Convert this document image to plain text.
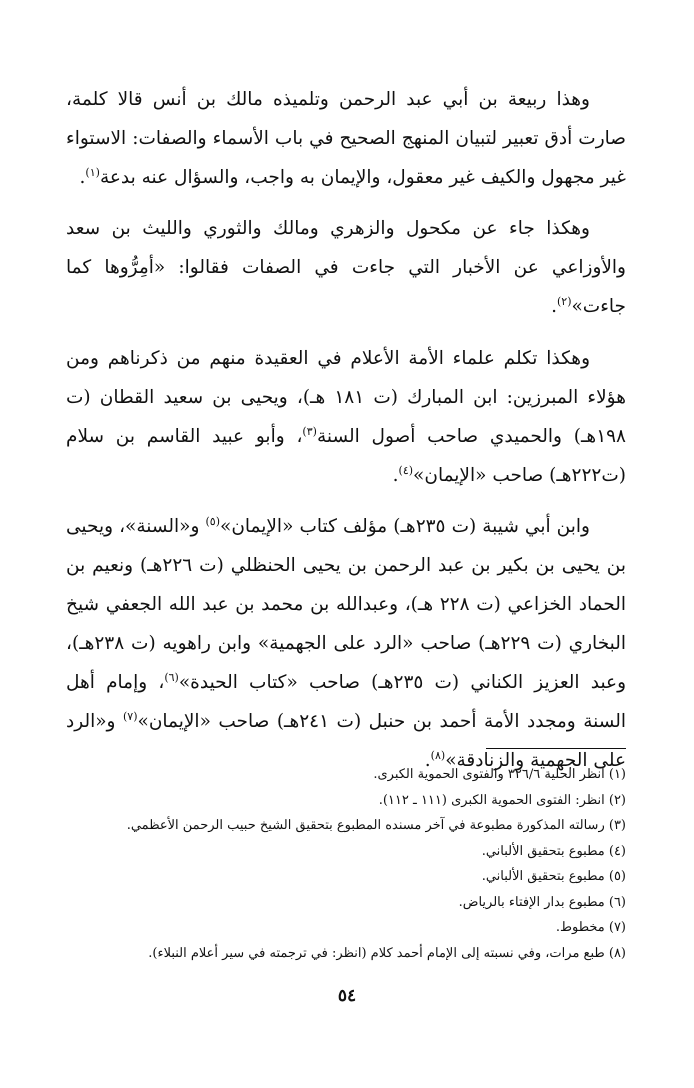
وهذا ربيعة بن أبي عبد الرحمن وتلميذه مالك بن أنس قالا كلمة، صارت أدق تعبير لتبيان المنهج الصحيح في باب الأسماء والصفات: الاستواء غير مجهول والكيف غير معقول، والإيمان به واجب، والسؤال عنه بدعة$^{(١)}$.

وهكذا جاء عن مكحول والزهري ومالك والثوري والليث بن سعد والأوزاعي عن الأخبار التي جاءت في الصفات فقالوا: «أمِرُّوها كما جاءت»$^{(٢)}$.

وهكذا تكلم علماء الأمة الأعلام في العقيدة منهم من ذكرناهم ومن هؤلاء المبرزين: ابن المبارك (ت ١٨١ هـ)، ويحيى بن سعيد القطان (ت ١٩٨هـ) والحميدي صاحب أصول السنة$^{(٣)}$، وأبو عبيد القاسم بن سلام (ت٢٢٢هـ) صاحب «الإيمان»$^{(٤)}$.

وابن أبي شيبة (ت ٢٣٥هـ) مؤلف كتاب «الإيمان»$^{(٥)}$ و«السنة»، ويحيى بن يحيى بن بكير بن عبد الرحمن بن يحيى الحنظلي (ت ٢٢٦هـ) ونعيم بن الحماد الخزاعي (ت ٢٢٨ هـ)، وعبدالله بن محمد بن عبد الله الجعفي شيخ البخاري (ت ٢٢٩هـ) صاحب «الرد على الجهمية» وابن راهويه (ت ٢٣٨هـ)، وعبد العزيز الكناني (ت ٢٣٥هـ) صاحب «كتاب الحيدة»$^{(٦)}$، وإمام أهل السنة ومجدد الأمة أحمد بن حنبل (ت ٢٤١هـ) صاحب «الإيمان»$^{(٧)}$ و«الرد على الجهمية والزنادقة»$^{(٨)}$.

(١) انظر الحلية ٣٢٦/٦ والفتوى الحموية الكبرى.

(٢) انظر: الفتوى الحموية الكبرى (١١١ ـ ١١٢).

(٣) رسالته المذكورة مطبوعة في آخر مسنده المطبوع بتحقيق الشيخ حبيب الرحمن الأعظمي.

(٤) مطبوع بتحقيق الألباني.

(٥) مطبوع بتحقيق الألباني.

(٦) مطبوع بدار الإفتاء بالرياض.

(٧) مخطوط.

(٨) طبع مرات، وفي نسبته إلى الإمام أحمد كلام (انظر: في ترجمته في سير أعلام النبلاء).

٥٤
